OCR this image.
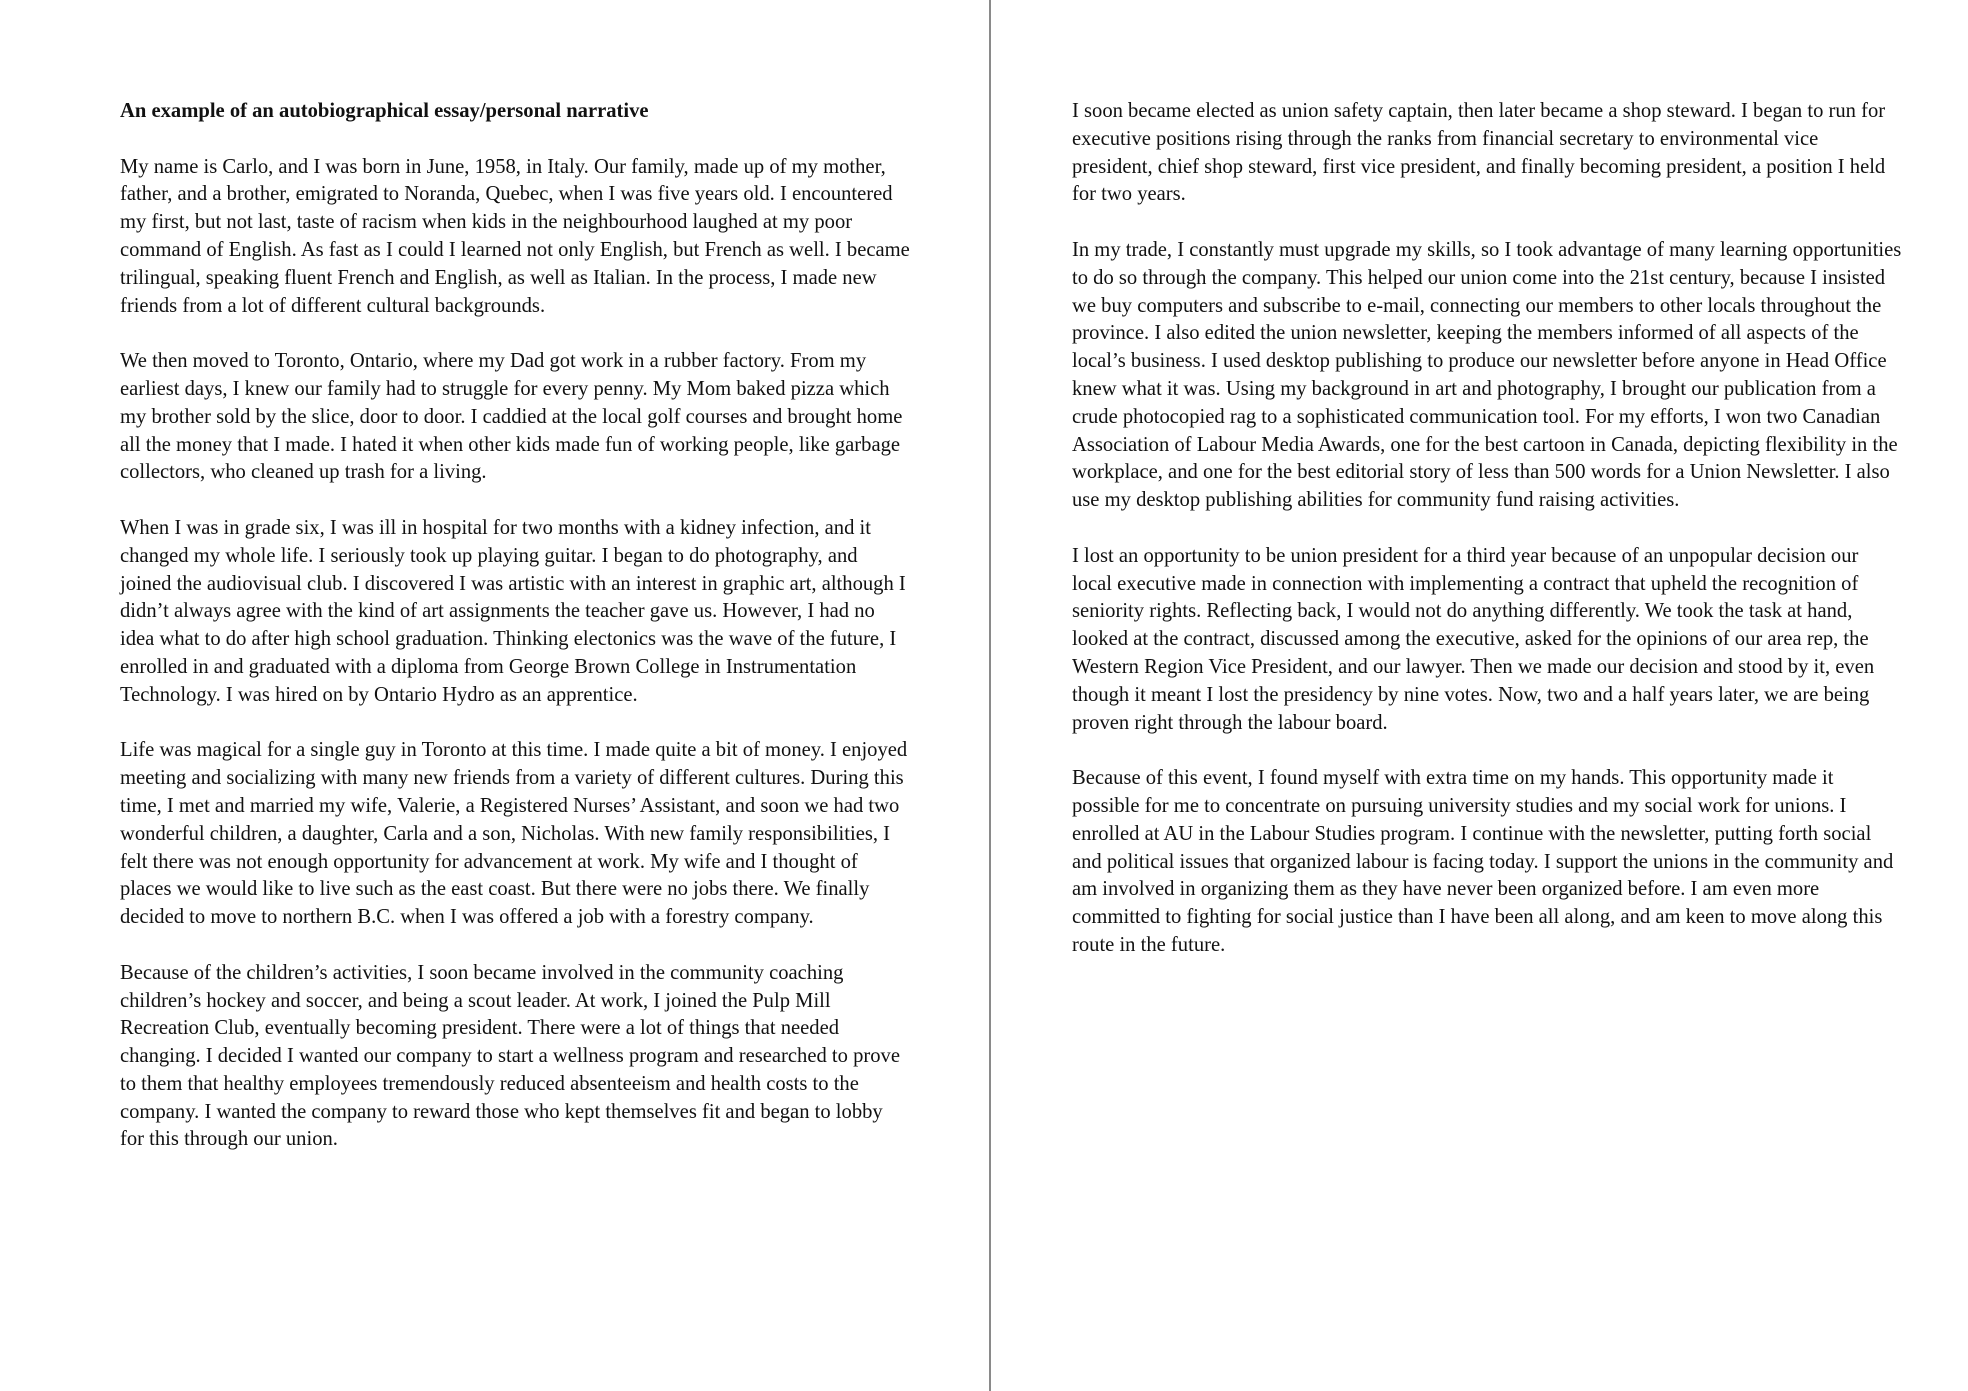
An example of an autobiographical essay/personal narrative

My name is Carlo, and I was born in June, 1958, in Italy. Our family, made up of my mother, father, and a brother, emigrated to Noranda, Quebec, when I was five years old. I encountered my first, but not last, taste of racism when kids in the neighbourhood laughed at my poor command of English. As fast as I could I learned not only English, but French as well. I became trilingual, speaking fluent French and English, as well as Italian. In the process, I made new friends from a lot of different cultural backgrounds.

We then moved to Toronto, Ontario, where my Dad got work in a rubber factory. From my earliest days, I knew our family had to struggle for every penny. My Mom baked pizza which my brother sold by the slice, door to door. I caddied at the local golf courses and brought home all the money that I made. I hated it when other kids made fun of working people, like garbage collectors, who cleaned up trash for a living.

When I was in grade six, I was ill in hospital for two months with a kidney infection, and it changed my whole life. I seriously took up playing guitar. I began to do photography, and joined the audiovisual club. I discovered I was artistic with an interest in graphic art, although I didn’t always agree with the kind of art assignments the teacher gave us. However, I had no idea what to do after high school graduation. Thinking electonics was the wave of the future, I enrolled in and graduated with a diploma from George Brown College in Instrumentation Technology. I was hired on by Ontario Hydro as an apprentice.

Life was magical for a single guy in Toronto at this time. I made quite a bit of money. I enjoyed meeting and socializing with many new friends from a variety of different cultures. During this time, I met and married my wife, Valerie, a Registered Nurses’ Assistant, and soon we had two wonderful children, a daughter, Carla and a son, Nicholas. With new family responsibilities, I felt there was not enough opportunity for advancement at work. My wife and I thought of places we would like to live such as the east coast. But there were no jobs there. We finally decided to move to northern B.C. when I was offered a job with a forestry company.

Because of the children’s activities, I soon became involved in the community coaching children’s hockey and soccer, and being a scout leader. At work, I joined the Pulp Mill Recreation Club, eventually becoming president. There were a lot of things that needed changing. I decided I wanted our company to start a wellness program and researched to prove to them that healthy employees tremendously reduced absenteeism and health costs to the company. I wanted the company to reward those who kept themselves fit and began to lobby for this through our union.

I soon became elected as union safety captain, then later became a shop steward. I began to run for executive positions rising through the ranks from financial secretary to environmental vice president, chief shop steward, first vice president, and finally becoming president, a position I held for two years.

In my trade, I constantly must upgrade my skills, so I took advantage of many learning opportunities to do so through the company. This helped our union come into the 21st century, because I insisted we buy computers and subscribe to e-mail, connecting our members to other locals throughout the province. I also edited the union newsletter, keeping the members informed of all aspects of the local’s business. I used desktop publishing to produce our newsletter before anyone in Head Office knew what it was. Using my background in art and photography, I brought our publication from a crude photocopied rag to a sophisticated communication tool. For my efforts, I won two Canadian Association of Labour Media Awards, one for the best cartoon in Canada, depicting flexibility in the workplace, and one for the best editorial story of less than 500 words for a Union Newsletter. I also use my desktop publishing abilities for community fund raising activities.

I lost an opportunity to be union president for a third year because of an unpopular decision our local executive made in connection with implementing a contract that upheld the recognition of seniority rights. Reflecting back, I would not do anything differently. We took the task at hand, looked at the contract, discussed among the executive, asked for the opinions of our area rep, the Western Region Vice President, and our lawyer. Then we made our decision and stood by it, even though it meant I lost the presidency by nine votes. Now, two and a half years later, we are being proven right through the labour board.

Because of this event, I found myself with extra time on my hands. This opportunity made it possible for me to concentrate on pursuing university studies and my social work for unions. I enrolled at AU in the Labour Studies program. I continue with the newsletter, putting forth social and political issues that organized labour is facing today. I support the unions in the community and am involved in organizing them as they have never been organized before. I am even more committed to fighting for social justice than I have been all along, and am keen to move along this route in the future.
